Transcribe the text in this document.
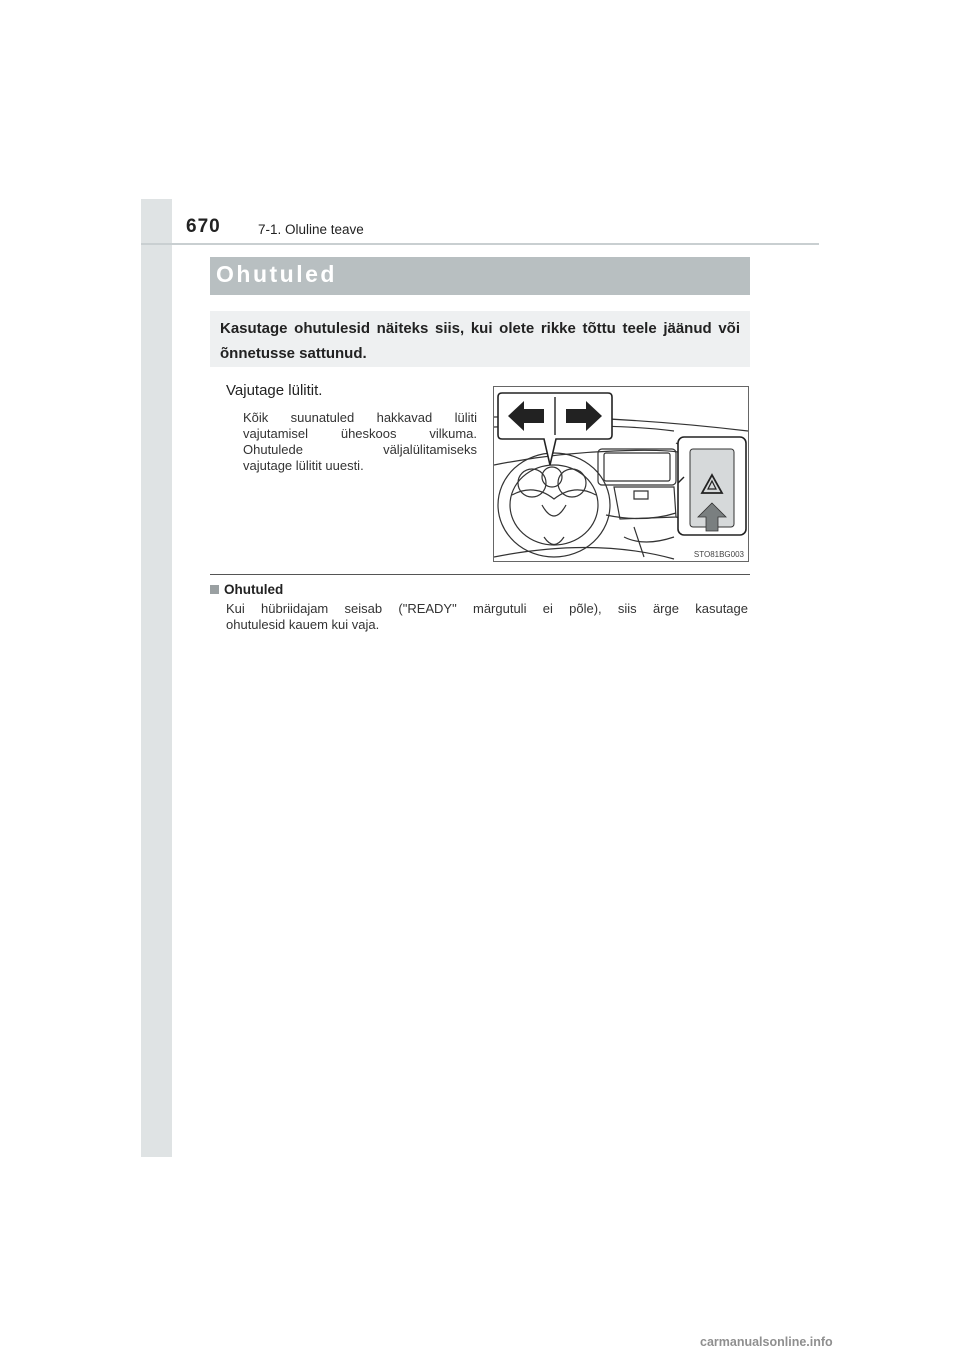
670	7-1. Oluline teave
Ohutuled
Kasutage ohutulesid näiteks siis, kui olete rikke tõttu teele jäänud või õnnetusse sattunud.
Vajutage lülitit.
Kõik suunatuled hakkavad lüliti
vajutamisel üheskoos vilkuma.
Ohutulede väljalülitamiseks
vajutage lülitit uuesti.
STO81BG003
Ohutuled
Kui hübriidajam seisab ("READY" märgutuli ei põle), siis ärge kasutage
ohutulesid kauem kui vaja.
carmanualsonline.info
